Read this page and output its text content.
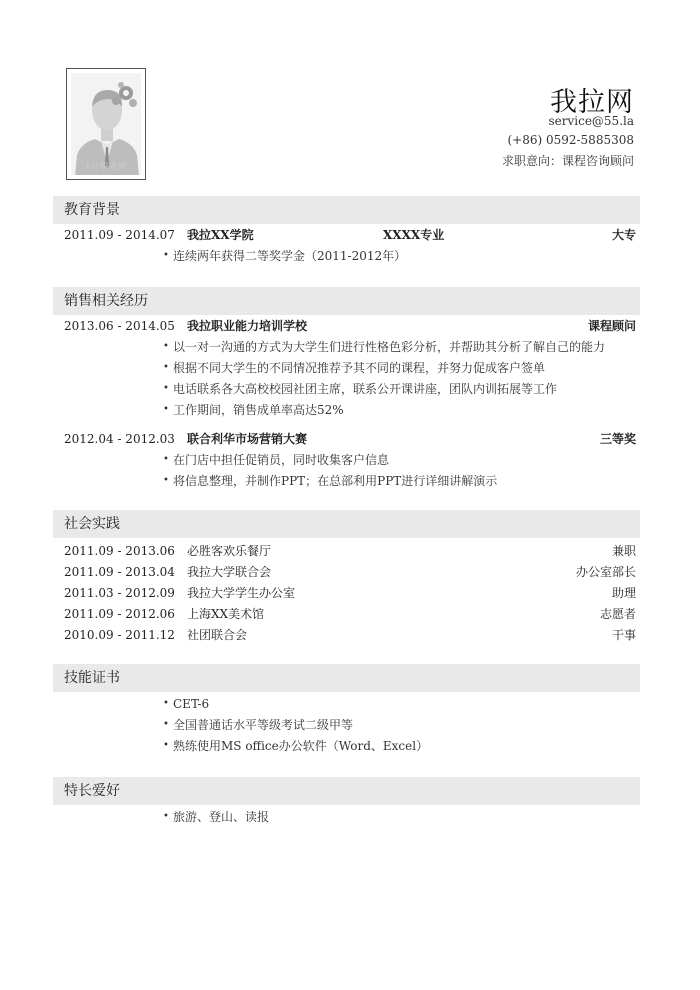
1寸职业照
我拉网
service@55.la
(+86) 0592-5885308
求职意向：课程咨询顾问
教育背景
2011.09 - 2014.07 我拉XX学院	XXXX专业	大专
• 连续两年获得二等奖学金（2011-2012年）
销售相关经历
2013.06 - 2014.05 我拉职业能力培训学校	课程顾问
• 以一对一沟通的方式为大学生们进行性格色彩分析，并帮助其分析了解自己的能力
• 根据不同大学生的不同情况推荐予其不同的课程，并努力促成客户签单
• 电话联系各大高校校园社团主席，联系公开课讲座，团队内训拓展等工作
• 工作期间，销售成单率高达52%
2012.04 - 2012.03 联合利华市场营销大赛	三等奖
• 在门店中担任促销员，同时收集客户信息
• 将信息整理，并制作PPT；在总部利用PPT进行详细讲解演示
社会实践
2011.09 - 2013.06 必胜客欢乐餐厅	兼职
2011.09 - 2013.04 我拉大学联合会	办公室部长
2011.03 - 2012.09 我拉大学学生办公室	助理
2011.09 - 2012.06 上海XX美术馆	志愿者
2010.09 - 2011.12 社团联合会	干事
技能证书
• CET-6
• 全国普通话水平等级考试二级甲等
• 熟练使用MS office办公软件（Word、Excel）
特长爱好
• 旅游、登山、读报
